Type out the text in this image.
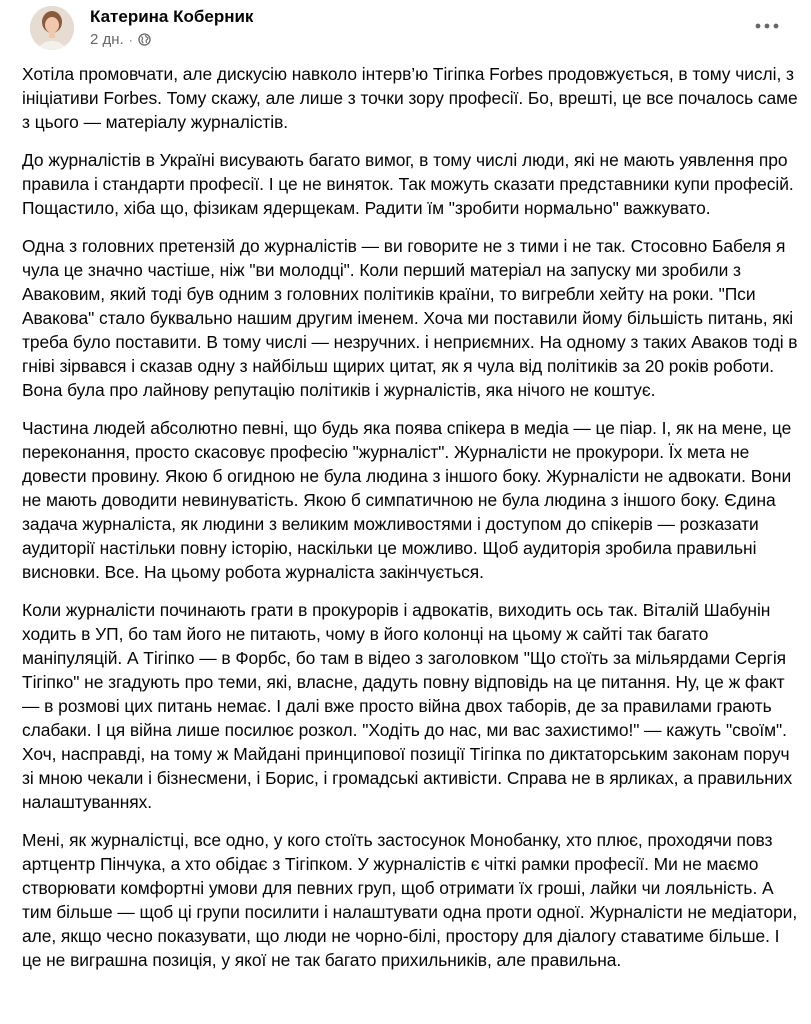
Катерина Коберник
2 дн. ·

Хотіла промовчати, але дискусію навколо інтерв’ю Тігіпка Forbes продовжується, в тому числі, з ініціативи Forbes. Тому скажу, але лише з точки зору професії. Бо, врешті, це все почалось саме з цього — матеріалу журналістів.

До журналістів в Україні висувають багато вимог, в тому числі люди, які не мають уявлення про правила і стандарти професії. І це не виняток. Так можуть сказати представники купи професій. Пощастило, хіба що, фізикам ядерщекам. Радити їм "зробити нормально" важкувато.

Одна з головних претензій до журналістів — ви говорите не з тими і не так. Стосовно Бабеля я чула це значно частіше, ніж "ви молодці". Коли перший матеріал на запуску ми зробили з Аваковим, який тоді був одним з головних політиків країни, то вигребли хейту на роки. "Пси Авакова" стало буквально нашим другим іменем. Хоча ми поставили йому більшість питань, які треба було поставити. В тому числі — незручних. і неприємних. На одному з таких Аваков тоді в гніві зірвався і сказав одну з найбільш щирих цитат, як я чула від політиків за 20 років роботи. Вона була про лайнову репутацію політиків і журналістів, яка нічого не коштує.

Частина людей абсолютно певні, що будь яка поява спікера в медіа — це піар. І, як на мене, це переконання, просто скасовує професію "журналіст". Журналісти не прокурори. Їх мета не довести провину. Якою б огидною не була людина з іншого боку. Журналісти не адвокати. Вони не мають доводити невинуватість. Якою б симпатичною не була людина з іншого боку. Єдина задача журналіста, як людини з великим можливостями і доступом до спікерів — розказати аудиторії настільки повну історію, наскільки це можливо. Щоб аудиторія зробила правильні висновки. Все. На цьому робота журналіста закінчується.

Коли журналісти починають грати в прокурорів і адвокатів, виходить ось так. Віталій Шабунін ходить в УП, бо там його не питають, чому в його колонці на цьому ж сайті так багато маніпуляцій. А Тігіпко — в Форбс, бо там в відео з заголовком "Що стоїть за мільярдами Сергія Тігіпко" не згадують про теми, які, власне, дадуть повну відповідь на це питання. Ну, це ж факт — в розмові цих питань немає. І далі вже просто війна двох таборів, де за правилами грають слабаки. І ця війна лише посилює розкол. "Ходіть до нас, ми вас захистимо!" — кажуть "своїм". Хоч, насправді, на тому ж Майдані принципової позиції Тігіпка по диктаторським законам поруч зі мною чекали і бізнесмени, і Борис, і громадські активісти. Справа не в ярликах, а правильних налаштуваннях.

Мені, як журналістці, все одно, у кого стоїть застосунок Монобанку, хто плює, проходячи повз артцентр Пінчука, а хто обідає з Тігіпком. У журналістів є чіткі рамки професії. Ми не маємо створювати комфортні умови для певних груп, щоб отримати їх гроші, лайки чи лояльність. А тим більше — щоб ці групи посилити і налаштувати одна проти одної. Журналісти не медіатори, але, якщо чесно показувати, що люди не чорно-білі, простору для діалогу ставатиме більше. І це не виграшна позиція, у якої не так багато прихильників, але правильна.
